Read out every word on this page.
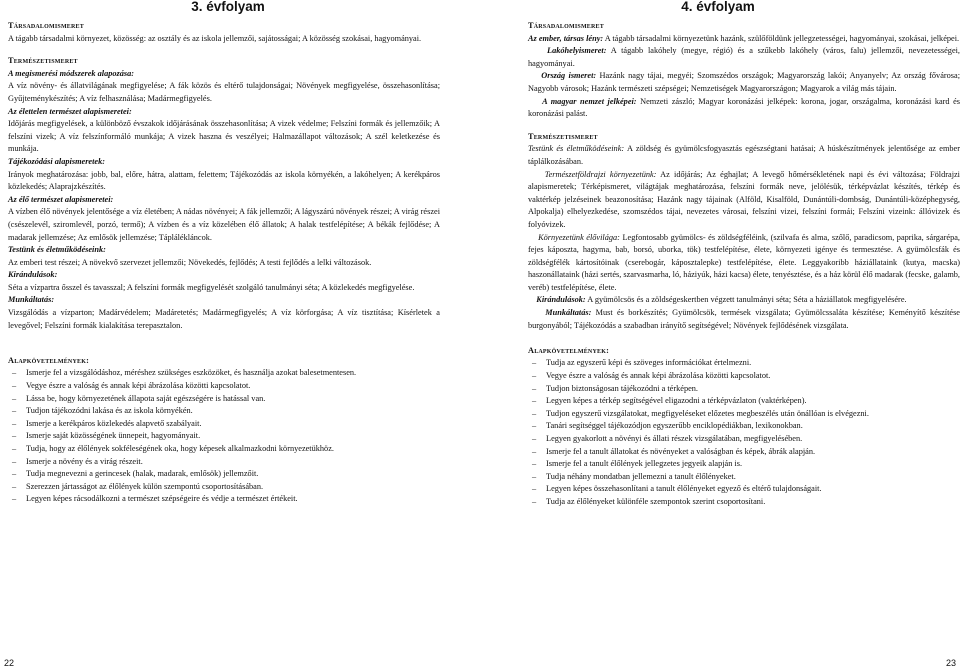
3. évfolyam

Társadalomismeret

A tágabb társadalmi környezet, közösség: az osztály és az iskola jellemzői, sajátosságai; A közösség szokásai, hagyományai.

Természetismeret

A megismerési módszerek alapozása:

A víz növény- és állatvilágának megfigyelése; A fák közös és eltérő tulajdonságai; Növények megfigyelése, összehasonlítása; Gyűjteménykészítés; A víz felhasználása; Madármegfigyelés.

Az élettelen természet alapismeretei:

Időjárás megfigyelések, a különböző évszakok időjárásának összehasonlítása; A vizek védelme; Felszíni formák és jellemzőik; A felszíni vizek; A víz felszínformáló munkája; A vizek haszna és veszélyei; Halmazállapot változások; A szél keletkezése és munkája.

Tájékozódási alapismeretek:

Irányok meghatározása: jobb, bal, előre, hátra, alattam, felettem; Tájékozódás az iskola környékén, a lakóhelyen; A kerékpáros közlekedés; Alaprajzkészítés.

Az élő természet alapismeretei:

A vízben élő növények jelentősége a víz életében; A nádas növényei; A fák jellemzői; A lágyszárú növények részei; A virág részei (csészelevél, sziromlevél, porzó, termő); A vízben és a víz közelében élő állatok; A halak testfelépítése; A békák fejlődése; A madarak jellemzése; Az emlősök jellemzése; Táplálékláncok.

Testünk és életműködéseink:

Az emberi test részei; A növekvő szervezet jellemzői; Növekedés, fejlődés; A testi fejlődés a lelki változások.

Kirándulások:

Séta a vízpartra ősszel és tavasszal; A felszíni formák megfigyelését szolgáló tanulmányi séta; A közlekedés megfigyelése.

Munkáltatás:

Vizsgálódás a vízparton; Madárvédelem; Madáretetés; Madármegfigyelés; A víz körforgása; A víz tisztítása; Kísérletek a levegővel; Felszíni formák kialakítása terepasztalon.

Alapkövetelmények:

– Ismerje fel a vizsgálódáshoz, méréshez szükséges eszközöket, és használja azokat balesetmentesen.
– Vegye észre a valóság és annak képi ábrázolása közötti kapcsolatot.
– Lássa be, hogy környezetének állapota saját egészségére is hatással van.
– Tudjon tájékozódni lakása és az iskola környékén.
– Ismerje a kerékpáros közlekedés alapvető szabályait.
– Ismerje saját közösségének ünnepeit, hagyományait.
– Tudja, hogy az élőlények sokféleségének oka, hogy képesek alkalmazkodni környezetükhöz.
– Ismerje a növény és a virág részeit.
– Tudja megnevezni a gerincesek (halak, madarak, emlősök) jellemzőit.
– Szerezzen jártasságot az élőlények külön szempontú csoportosításában.
– Legyen képes rácsodálkozni a természet szépségeire és védje a természet értékeit.
22
4. évfolyam

Társadalomismeret

Az ember, társas lény: A tágabb társadalmi környezetünk hazánk, szülőföldünk jellegzetességei, hagyományai, szokásai, jelképei.

Lakóhelyismeret: A tágabb lakóhely (megye, régió) és a szűkebb lakóhely (város, falu) jellemzői, nevezetességei, hagyományai.

Ország ismeret: Hazánk nagy tájai, megyéi; Szomszédos országok; Magyarország lakói; Anyanyelv; Az ország fővárosa; Nagyobb városok; Hazánk természeti szépségei; Nemzetiségek Magyarországon; Magyarok a világ más tájain.

A magyar nemzet jelképei: Nemzeti zászló; Magyar koronázási jelképek: korona, jogar, országalma, koronázási kard és koronázási palást.

Természetismeret

Testünk és életműködéseink: A zöldség és gyümölcsfogyasztás egészségtani hatásai; A húskészítmények jelentősége az ember táplálkozásában.

Természetföldrajzi környezetünk: Az időjárás; Az éghajlat; A levegő hőmérsékletének napi és évi változása; Földrajzi alapismeretek; Térképismeret, világtájak meghatározása, felszíni formák neve, jelölésük, térképvázlat készítés, térkép és vaktérkép jelzéseinek beazonosítása; Hazánk nagy tájainak (Alföld, Kisalföld, Dunántúli-dombság, Dunántúli-középhegység, Alpokalja) elhelyezkedése, szomszédos tájai, nevezetes városai, felszíni vizei, felszíni formái; Felszíni vizeink: állóvizek és folyóvizek.

Környezetünk élővilága: Legfontosabb gyümölcs- és zöldségféléink, (szilvafa és alma, szőlő, paradicsom, paprika, sárgarépa, fejes káposzta, hagyma, bab, borsó, uborka, tök) testfelépítése, élete, környezeti igénye és termesztése. A gyümölcsfák és zöldségfélék kártosítóinak (cserebogár, káposztalepke) testfelépítése, élete. Leggyakoribb háziállataink (kutya, macska) haszonállataink (házi sertés, szarvasmarha, ló, háziyúk, házi kacsa) élete, tenyésztése, és a ház körül élő madarak (fecske, galamb, veréb) testfelépítése, élete.

Kirándulások: A gyümölcsös és a zöldségeskertben végzett tanulmányi séta; Séta a háziállatok megfigyelésére.

Munkáltatás: Must és borkészítés; Gyümölcsök, termések vizsgálata; Gyümölcssaláta készítése; Keményítő készítése burgonyából; Tájékozódás a szabadban irányítő segítségével; Növények fejlődésének vizsgálata.

Alapkövetelmények:

– Tudja az egyszerű képi és szöveges információkat értelmezni.
– Vegye észre a valóság és annak képi ábrázolása közötti kapcsolatot.
– Tudjon biztonságosan tájékozódni a térképen.
– Legyen képes a térkép segítségével eligazodni a térképvázlaton (vaktérképen).
– Tudjon egyszerű vizsgálatokat, megfigyeléseket előzetes megbeszélés után önállóan is elvégezni.
– Tanári segítséggel tájékozódjon egyszerűbb enciklopédiákban, lexikonokban.
– Legyen gyakorlott a növényi és állati részek vizsgálatában, megfigyelésében.
– Ismerje fel a tanult állatokat és növényeket a valóságban és képek, ábrák alapján.
– Ismerje fel a tanult élőlények jellegzetes jegyeik alapján is.
– Tudja néhány mondatban jellemezni a tanult élőlényeket.
– Legyen képes összehasonlítani a tanult élőlényeket egyező és eltérő tulajdonságait.
– Tudja az élőlényeket különféle szempontok szerint csoportosítani.
23
